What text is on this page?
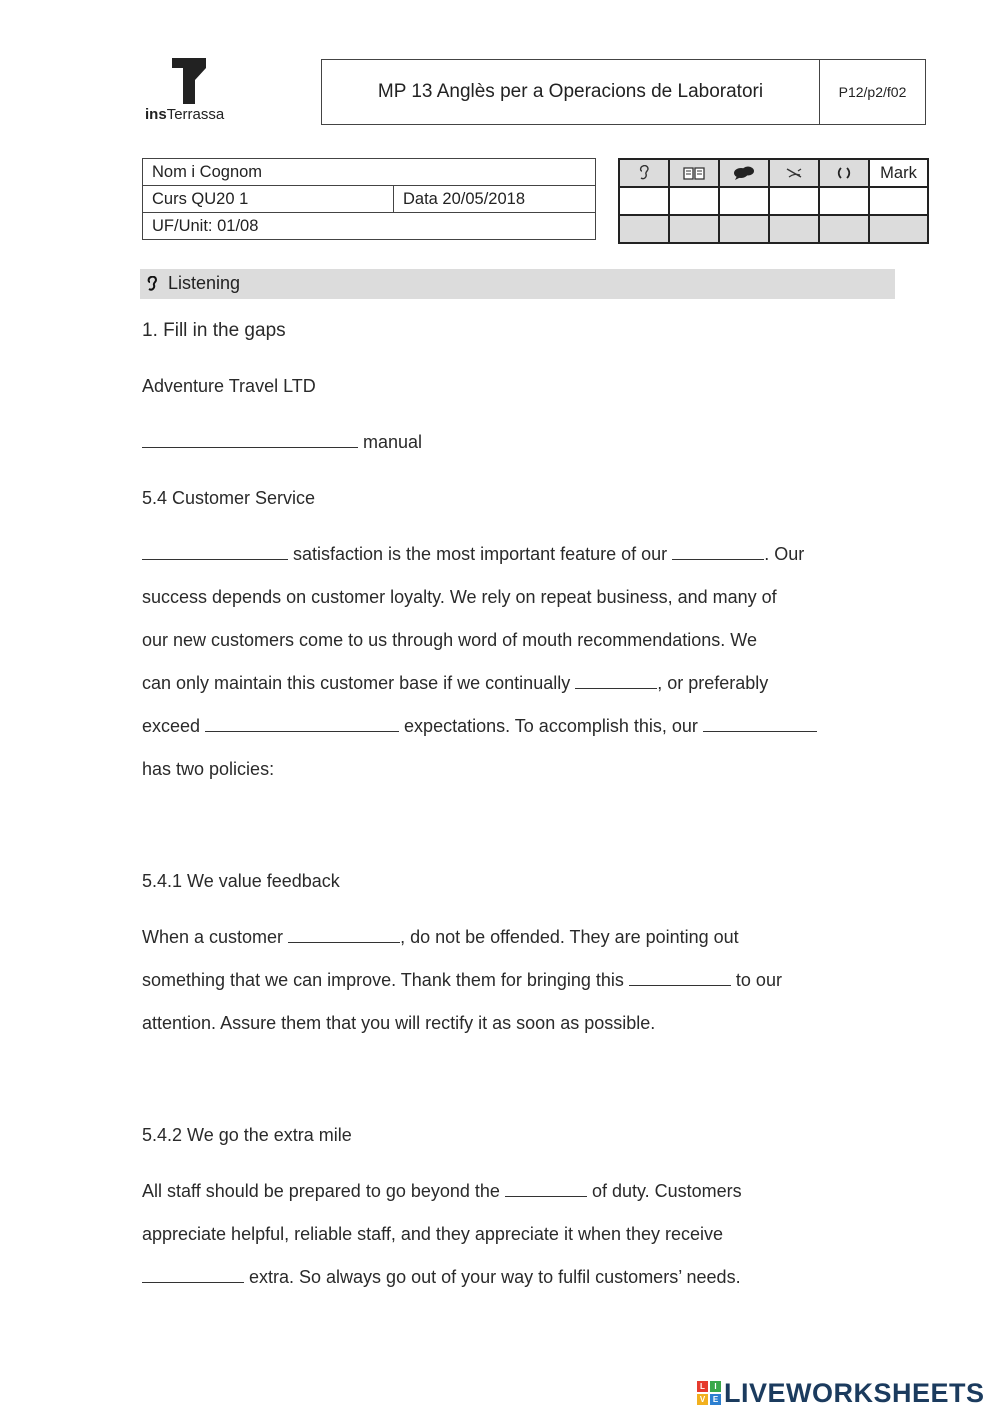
insTerrassa
MP 13 Anglès per a Operacions de Laboratori	P12/p2/f02
Nom i Cognom
Curs QU20 1	Data 20/05/2018
UF/Unit: 01/08

	Mark

Listening
1. Fill in the gaps
Adventure Travel LTD
manual
5.4 Customer Service
satisfaction is the most important feature of our	. Our
success depends on customer loyalty. We rely on repeat business, and many of
our new customers come to us through word of mouth recommendations. We
can only maintain this customer base if we continually	, or preferably
exceed	expectations. To accomplish this, our
has two policies:
5.4.1 We value feedback
When a customer	, do not be offended. They are pointing out
something that we can improve. Thank them for bringing this	to our
attention. Assure them that you will rectify it as soon as possible.
5.4.2 We go the extra mile
All staff should be prepared to go beyond the	of duty. Customers
appreciate helpful, reliable staff, and they appreciate it when they receive
extra. So always go out of your way to fulfil customers’ needs.
L	I
V E LIVEWORKSHEETS
